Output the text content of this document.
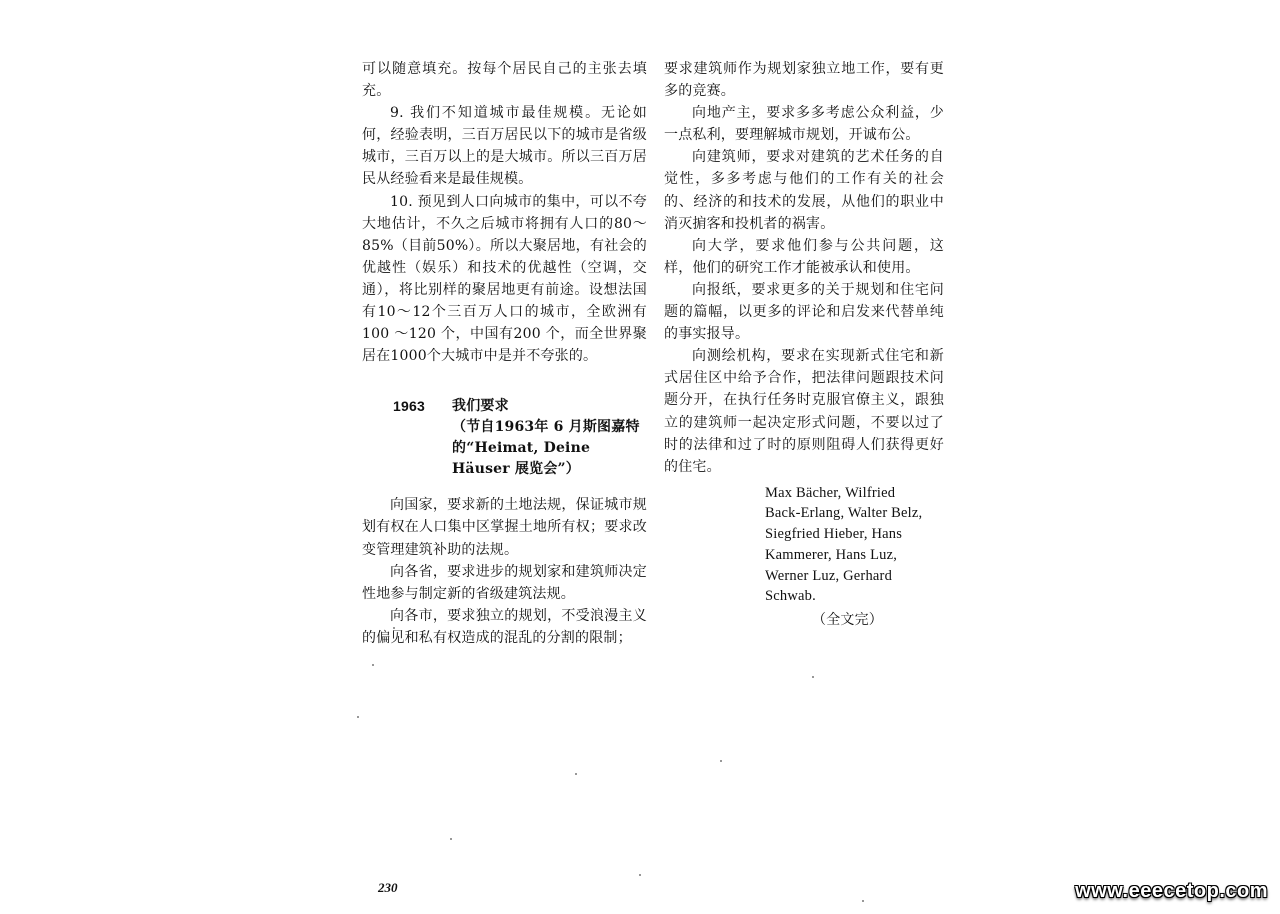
可以随意填充。按每个居民自己的主张去填充。

9. 我们不知道城市最佳规模。无论如何，经验表明，三百万居民以下的城市是省级城市，三百万以上的是大城市。所以三百万居民从经验看来是最佳规模。

10. 预见到人口向城市的集中，可以不夸大地估计，不久之后城市将拥有人口的80～85%（目前50%）。所以大聚居地，有社会的优越性（娱乐）和技术的优越性（空调，交通），将比别样的聚居地更有前途。设想法国有10～12个三百万人口的城市，全欧洲有100 ～120 个，中国有200 个，而全世界聚居在1000个大城市中是并不夸张的。

1963 我们要求
（节自1963年 6 月斯图嘉特的“Heimat, Deine Häuser 展览会”）

向国家，要求新的土地法规，保证城市规划有权在人口集中区掌握土地所有权；要求改变管理建筑补助的法规。

向各省，要求进步的规划家和建筑师决定性地参与制定新的省级建筑法规。

向各市，要求独立的规划，不受浪漫主义的偏见和私有权造成的混乱的分割的限制；

要求建筑师作为规划家独立地工作，要有更多的竞赛。

向地产主，要求多多考虑公众利益，少一点私利，要理解城市规划，开诚布公。

向建筑师，要求对建筑的艺术任务的自觉性，多多考虑与他们的工作有关的社会的、经济的和技术的发展，从他们的职业中消灭掮客和投机者的祸害。

向大学，要求他们参与公共问题，这样，他们的研究工作才能被承认和使用。

向报纸，要求更多的关于规划和住宅问题的篇幅，以更多的评论和启发来代替单纯的事实报导。

向测绘机构，要求在实现新式住宅和新式居住区中给予合作，把法律问题跟技术问题分开，在执行任务时克服官僚主义，跟独立的建筑师一起决定形式问题，不要以过了时的法律和过了时的原则阻碍人们获得更好的住宅。

Max Bächer, Wilfried
Back-Erlang, Walter Belz,
Siegfried Hieber, Hans
Kammerer, Hans Luz,
Werner Luz, Gerhard
Schwab.
（全文完）
230	www.eeecetop.com
